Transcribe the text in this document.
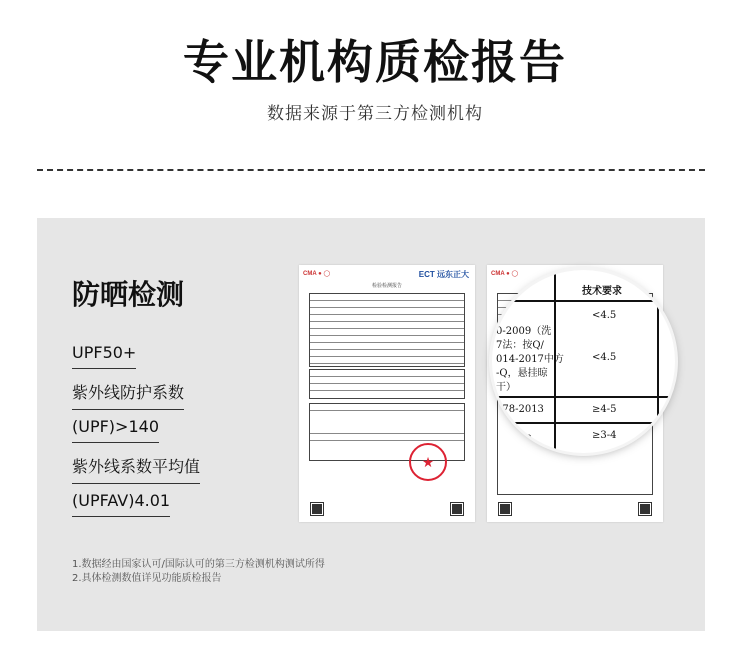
专业机构质检报告
数据来源于第三方检测机构
防晒检测
UPF50+
紫外线防护系数
(UPF)>140
紫外线系数平均值
(UPFAV)4.01
1.数据经由国家认可/国际认可的第三方检测机构测试所得
2.具体检测数值详见功能质检报告
CMA ● ◯	ECT 远东正大
检验检测报告
★
CMA ● ◯
技术要求
0-2009（洗
7法：按Q/
014-2017中方
-Q，悬挂晾
干）
778-2013
0 方法3
<4.5
<4.5
≥4-5
≥3-4
